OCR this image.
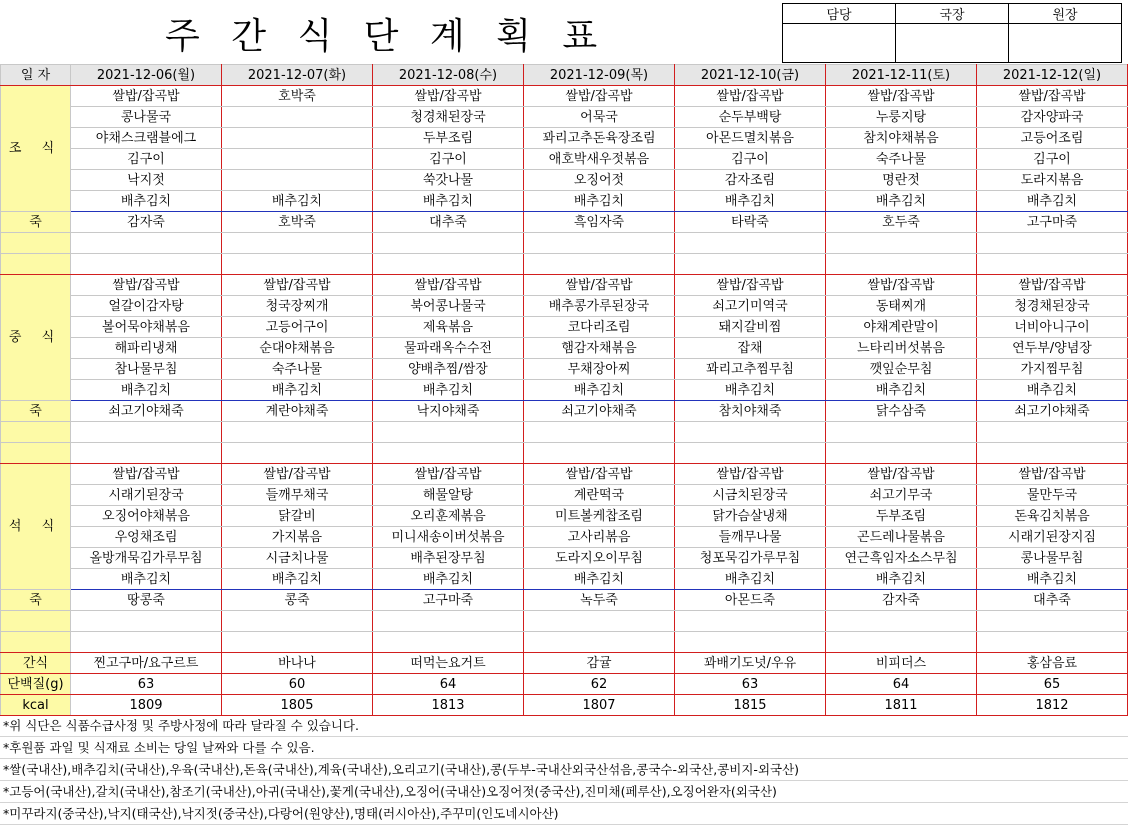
주 간 식 단 계 획 표
담당	국장	원장

일 자	2021-12-06(월)	2021-12-07(화)	2021-12-08(수)	2021-12-09(목)	2021-12-10(금)	2021-12-11(토)	2021-12-12(일)
조 식	쌀밥/잡곡밥	호박죽	쌀밥/잡곡밥	쌀밥/잡곡밥	쌀밥/잡곡밥	쌀밥/잡곡밥	쌀밥/잡곡밥
	콩나물국		청경채된장국	어묵국	순두부백탕	누룽지탕	감자양파국
	야채스크램블에그		두부조림	꽈리고추돈육장조림	아몬드멸치볶음	참치야채볶음	고등어조림
	김구이		김구이	애호박새우젓볶음	김구이	숙주나물	김구이
	낙지젓		쑥갓나물	오징어젓	감자조림	명란젓	도라지볶음
	배추김치	배추김치	배추김치	배추김치	배추김치	배추김치	배추김치
죽	감자죽	호박죽	대추죽	흑임자죽	타락죽	호두죽	고구마죽

중 식	쌀밥/잡곡밥	쌀밥/잡곡밥	쌀밥/잡곡밥	쌀밥/잡곡밥	쌀밥/잡곡밥	쌀밥/잡곡밥	쌀밥/잡곡밥
	얼갈이감자탕	청국장찌개	북어콩나물국	배추콩가루된장국	쇠고기미역국	동태찌개	청경채된장국
	볼어묵야채볶음	고등어구이	제육볶음	코다리조림	돼지갈비찜	야채계란말이	너비아니구이
	해파리냉채	순대야채볶음	물파래옥수수전	햄감자채볶음	잡채	느타리버섯볶음	연두부/양념장
	참나물무침	숙주나물	양배추찜/쌈장	무채장아찌	꽈리고추찜무침	깻잎순무침	가지찜무침
	배추김치	배추김치	배추김치	배추김치	배추김치	배추김치	배추김치
죽	쇠고기야채죽	계란야채죽	낙지야채죽	쇠고기야채죽	참치야채죽	닭수삼죽	쇠고기야채죽

석 식	쌀밥/잡곡밥	쌀밥/잡곡밥	쌀밥/잡곡밥	쌀밥/잡곡밥	쌀밥/잡곡밥	쌀밥/잡곡밥	쌀밥/잡곡밥
	시래기된장국	들깨무채국	해물알탕	계란떡국	시금치된장국	쇠고기무국	물만두국
	오징어야채볶음	닭갈비	오리훈제볶음	미트볼케찹조림	닭가슴살냉채	두부조림	돈육김치볶음
	우엉채조림	가지볶음	미니새송이버섯볶음	고사리볶음	들깨무나물	곤드레나물볶음	시래기된장지짐
	올방개묵김가루무침	시금치나물	배추된장무침	도라지오이무침	청포묵김가루무침	연근흑임자소스무침	콩나물무침
	배추김치	배추김치	배추김치	배추김치	배추김치	배추김치	배추김치
죽	땅콩죽	콩죽	고구마죽	녹두죽	아몬드죽	감자죽	대추죽

간식	찐고구마/요구르트	바나나	떠먹는요거트	감귤	꽈배기도넛/우유	비피더스	홍삼음료
단백질(g)	63	60	64	62	63	64	65
kcal	1809	1805	1813	1807	1815	1811	1812
*위 식단은 식품수급사정 및 주방사정에 따라 달라질 수 있습니다.
*후원품 과일 및 식재료 소비는 당일 날짜와 다를 수 있음.
*쌀(국내산),배추김치(국내산),우육(국내산),돈육(국내산),계육(국내산),오리고기(국내산),콩(두부-국내산외국산섞음,콩국수-외국산,콩비지-외국산)
*고등어(국내산),갈치(국내산),참조기(국내산),아귀(국내산),꽃게(국내산),오징어(국내산)오징어젓(중국산),진미채(페루산),오징어완자(외국산)
*미꾸라지(중국산),낙지(태국산),낙지젓(중국산),다랑어(원양산),명태(러시아산),주꾸미(인도네시아산)
